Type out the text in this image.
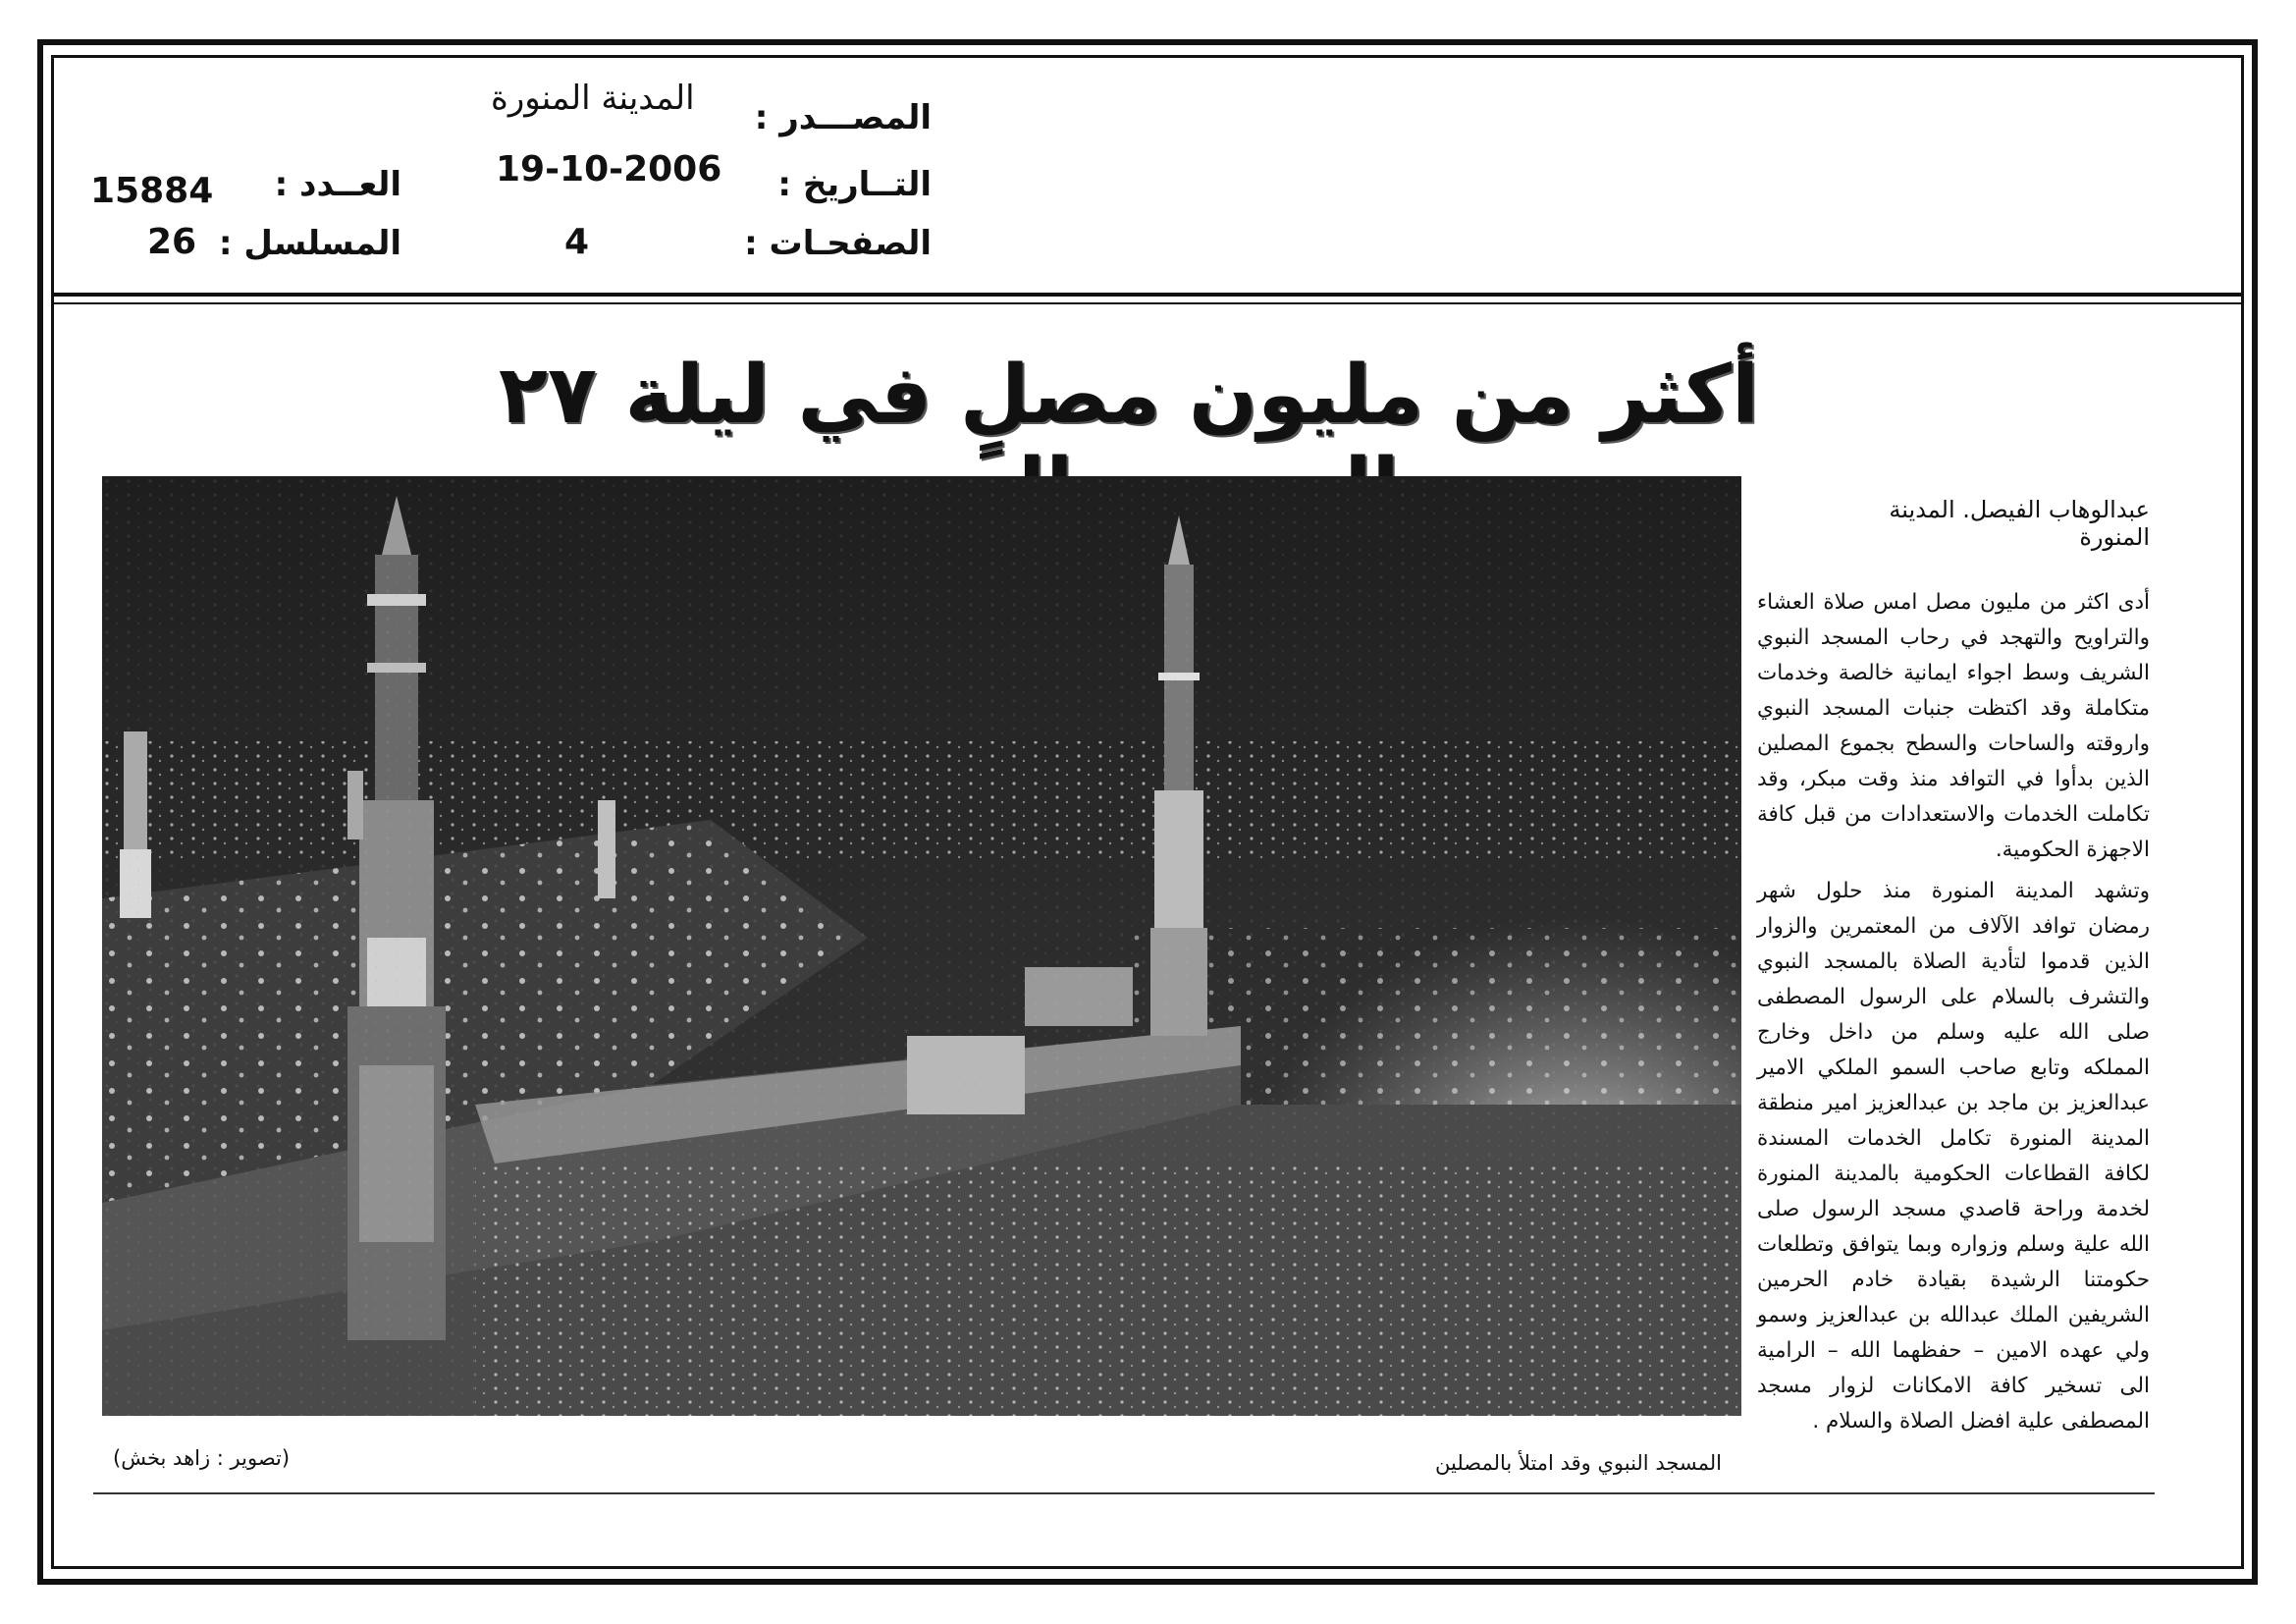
المصـــدر :
المدينة المنورة
التــاريخ :
19-10-2006
الصفحـات :
4
العــدد :
15884
المسلسل :
26
أكثر من مليون مصلٍ في ليلة ٢٧
عبدالوهاب الفيصل. المدينة المنورة

أدى اكثر من مليون مصل امس صلاة العشاء والتراويح والتهجد في رحاب المسجد النبوي الشريف وسط اجواء ايمانية خالصة وخدمات متكاملة وقد اكتظت جنبات المسجد النبوي واروقته والساحات والسطح بجموع المصلين الذين بدأوا في التوافد منذ وقت مبكر، وقد تكاملت الخدمات والاستعدادات من قبل كافة الاجهزة الحكومية.

وتشهد المدينة المنورة منذ حلول شهر رمضان توافد الآلاف من المعتمرين والزوار الذين قدموا لتأدية الصلاة بالمسجد النبوي والتشرف بالسلام على الرسول المصطفى صلى الله عليه وسلم من داخل وخارج المملكه وتابع صاحب السمو الملكي الامير عبدالعزيز بن ماجد بن عبدالعزيز امير منطقة المدينة المنورة تكامل الخدمات المسندة لكافة القطاعات الحكومية بالمدينة المنورة لخدمة وراحة قاصدي مسجد الرسول صلى الله علية وسلم وزواره وبما يتوافق وتطلعات حكومتنا الرشيدة بقيادة خادم الحرمين الشريفين الملك عبدالله بن عبدالعزيز وسمو ولي عهده الامين – حفظهما الله – الرامية الى تسخير كافة الامكانات لزوار مسجد المصطفى علية افضل الصلاة والسلام .

المسجد النبوي وقد امتلأ بالمصلين
(تصوير : زاهد بخش)
